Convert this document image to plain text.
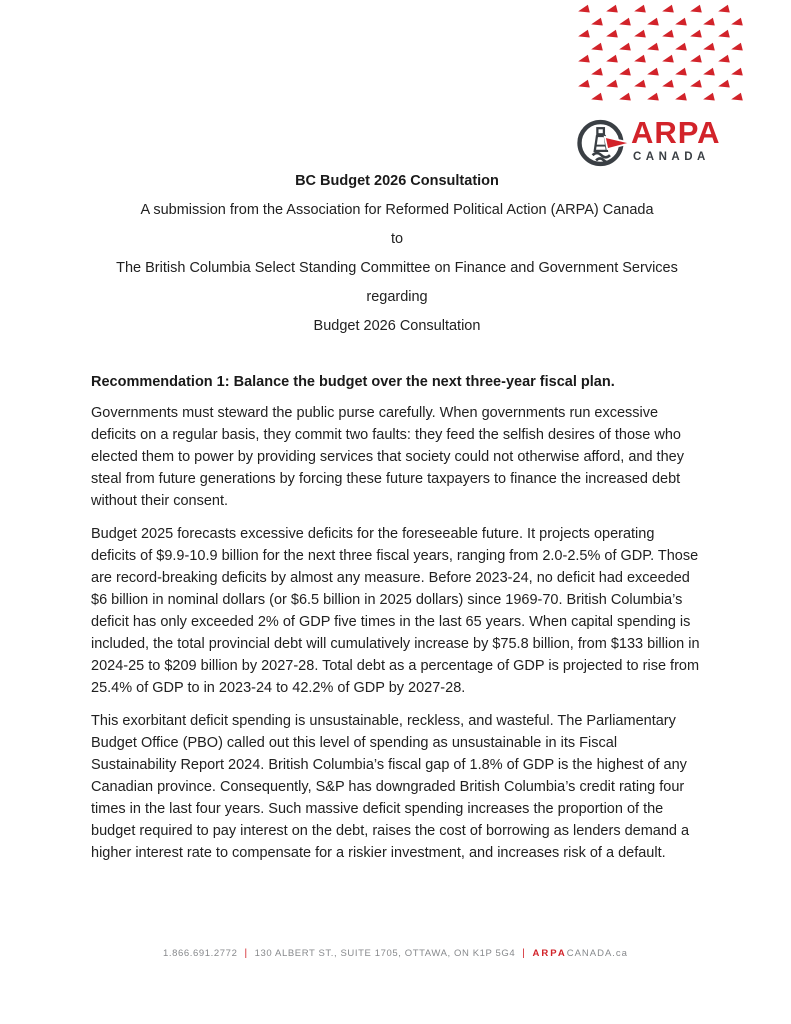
ARPA
CANADA
BC Budget 2026 Consultation
A submission from the Association for Reformed Political Action (ARPA) Canada
to
The British Columbia Select Standing Committee on Finance and Government Services
regarding
Budget 2026 Consultation
Recommendation 1: Balance the budget over the next three-year fiscal plan.

Governments must steward the public purse carefully. When governments run excessive deficits on a regular basis, they commit two faults: they feed the selfish desires of those who elected them to power by providing services that society could not otherwise afford, and they steal from future generations by forcing these future taxpayers to finance the increased debt without their consent.

Budget 2025 forecasts excessive deficits for the foreseeable future. It projects operating deficits of $9.9-10.9 billion for the next three fiscal years, ranging from 2.0-2.5% of GDP. Those are record-breaking deficits by almost any measure. Before 2023-24, no deficit had exceeded $6 billion in nominal dollars (or $6.5 billion in 2025 dollars) since 1969-70. British Columbia’s deficit has only exceeded 2% of GDP five times in the last 65 years. When capital spending is included, the total provincial debt will cumulatively increase by $75.8 billion, from $133 billion in 2024-25 to $209 billion by 2027-28. Total debt as a percentage of GDP is projected to rise from 25.4% of GDP to in 2023-24 to 42.2% of GDP by 2027-28.

This exorbitant deficit spending is unsustainable, reckless, and wasteful. The Parliamentary Budget Office (PBO) called out this level of spending as unsustainable in its Fiscal Sustainability Report 2024. British Columbia’s fiscal gap of 1.8% of GDP is the highest of any Canadian province. Consequently, S&P has downgraded British Columbia’s credit rating four times in the last four years. Such massive deficit spending increases the proportion of the budget required to pay interest on the debt, raises the cost of borrowing as lenders demand a higher interest rate to compensate for a riskier investment, and increases risk of a default.

1.866.691.2772 | 130 ALBERT ST., SUITE 1705, OTTAWA, ON K1P 5G4 | ARPACANADA.ca
